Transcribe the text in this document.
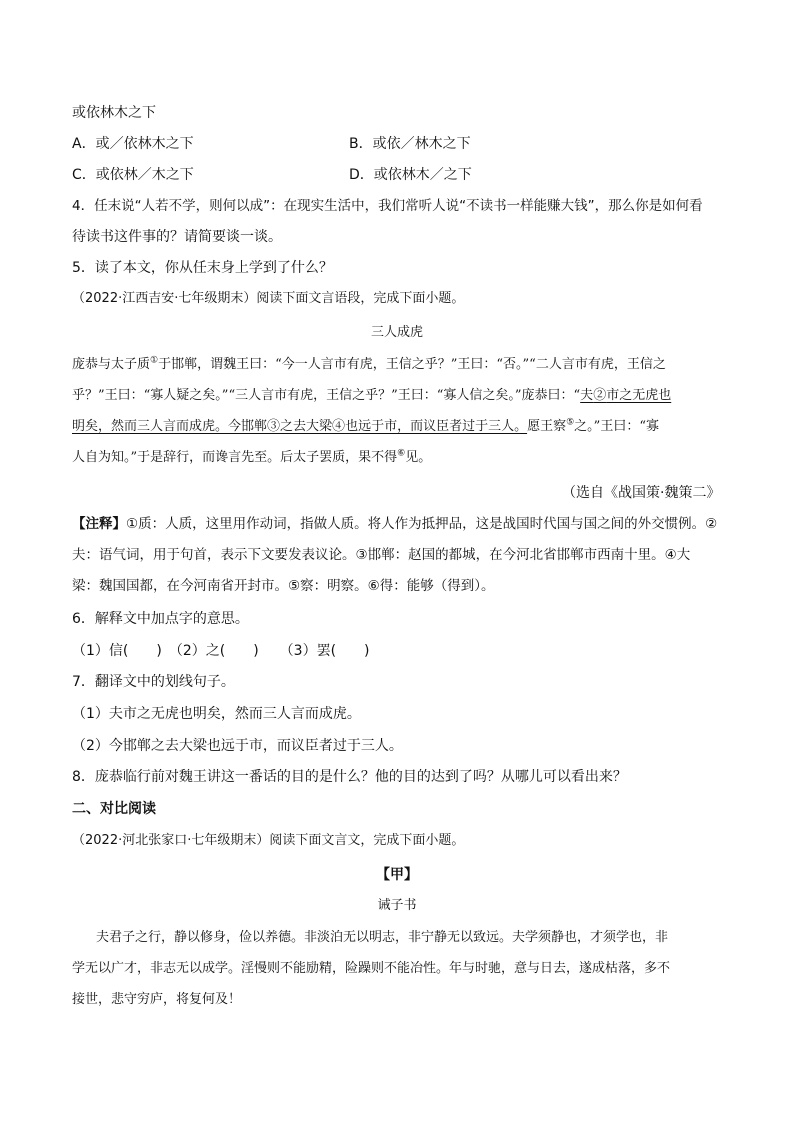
或依林木之下
A．或／依林木之下	B．或依／林木之下
C．或依林／木之下	D．或依林木／之下
4．任末说“人若不学，则何以成”：在现实生活中，我们常听人说“不读书一样能赚大钱”，那么你是如何看
待读书这件事的？请简要谈一谈。
5．读了本文，你从任末身上学到了什么？
（2022·江西吉安·七年级期末）阅读下面文言语段，完成下面小题。
三人成虎
庞恭与太子质①于邯郸，谓魏王曰：“今一人言市有虎，王信之乎？”王曰：“否。”“二人言市有虎，王信之
乎？”王曰：“寡人疑之矣。”“三人言市有虎，王信之乎？”王曰：“寡人信之矣。”庞恭曰：“夫②市之无虎也
明矣，然而三人言而成虎。今邯郸③之去大梁④也远于市，而议臣者过于三人。愿王察⑤之。”王曰：“寡
人自为知。”于是辞行，而谗言先至。后太子罢质，果不得⑥见。
（选自《战国策·魏策二》
【注释】①质：人质，这里用作动词，指做人质。将人作为抵押品，这是战国时代国与国之间的外交惯例。②
夫：语气词，用于句首，表示下文要发表议论。③邯郸：赵国的都城，在今河北省邯郸市西南十里。④大
梁：魏国国都，在今河南省开封市。⑤察：明察。⑥得：能够（得到）。
6．解释文中加点字的意思。
（1）信(　　)　（2）之(　　)　　（3）罢(　　)
7．翻译文中的划线句子。
（1）夫市之无虎也明矣，然而三人言而成虎。
（2）今邯郸之去大梁也远于市，而议臣者过于三人。
8．庞恭临行前对魏王讲这一番话的目的是什么？他的目的达到了吗？从哪儿可以看出来？
二、对比阅读
（2022·河北张家口·七年级期末）阅读下面文言文，完成下面小题。
【甲】
诫子书
夫君子之行，静以修身，俭以养德。非淡泊无以明志，非宁静无以致远。夫学须静也，才须学也，非
学无以广才，非志无以成学。淫慢则不能励精，险躁则不能冶性。年与时驰，意与日去，遂成枯落，多不
接世，悲守穷庐，将复何及！
